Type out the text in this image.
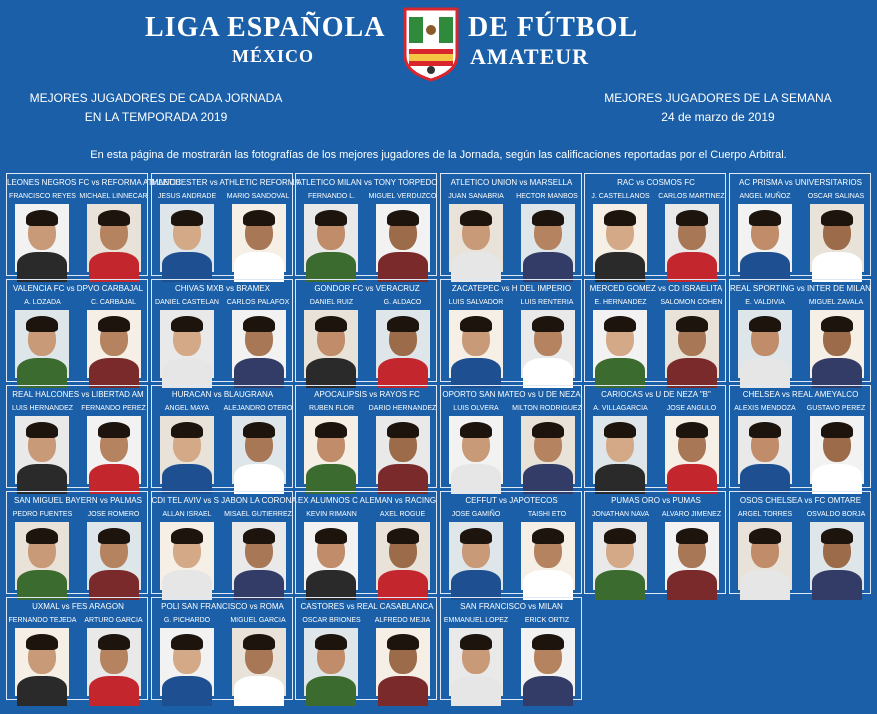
LIGA ESPAÑOLA
MÉXICO
DE FÚTBOL
AMATEUR
MEJORES JUGADORES DE CADA JORNADA
EN LA TEMPORADA 2019
MEJORES JUGADORES DE LA SEMANA
24 de marzo de 2019
En esta página de mostrarán las fotografías de los mejores jugadores de la Jornada, según las calificaciones reportadas por el Cuerpo Arbitral.
LEONES NEGROS FC vs REFORMA ATHLETIC
FRANCISCO REYES MICHAEL LINNECAR
MANCHESTER vs ATHLETIC REFORMA
JESUS ANDRADE	MARIO SANDOVAL
ATLETICO MILAN vs TONY TORPEDO
FERNANDO L.	MIGUEL VERDUZCO
ATLETICO UNION vs MARSELLA
JUAN SANABRIA	HECTOR MANBOS
RAC vs COSMOS FC
J. CASTELLANOS	CARLOS MARTINEZ
AC PRISMA vs UNIVERSITARIOS
ANGEL MUÑOZ	OSCAR SALINAS
VALENCIA FC vs DPVO CARBAJAL
A. LOZADA	C. CARBAJAL
CHIVAS MXB vs BRAMEX
DANIEL CASTELAN	CARLOS PALAFOX
GONDOR FC vs VERACRUZ
DANIEL RUIZ	G. ALDACO
ZACATEPEC vs H DEL IMPERIO
LUIS SALVADOR	LUIS RENTERIA
MERCED GOMEZ vs CD ISRAELITA
E. HERNANDEZ	SALOMON COHEN
REAL SPORTING vs INTER DE MILAN
E. VALDIVIA	MIGUEL ZAVALA
REAL HALCONES vs LIBERTAD AM
LUIS HERNANDEZ	FERNANDO PEREZ
HURACAN vs BLAUGRANA
ANGEL MAYA	ALEJANDRO OTERO
APOCALIPSIS vs RAYOS FC
RUBEN FLOR	DARIO HERNANDEZ
OPORTO SAN MATEO vs U DE NEZA
LUIS OLVERA	MILTON RODRIGUEZ
CARIOCAS vs U DE NEZA "B"
A. VILLAGARCIA	JOSE ANGULO
CHELSEA vs REAL AMEYALCO
ALEXIS MENDOZA	GUSTAVO PEREZ
SAN MIGUEL BAYERN vs PALMAS
PEDRO FUENTES	JOSE ROMERO
CDI TEL AVIV vs S JABON LA CORONA
ALLAN ISRAEL	MISAEL GUTIERREZ
EX ALUMNOS C ALEMAN vs RACING
KEVIN RIMANN	AXEL ROGUE
CEFFUT vs JAPOTECOS
JOSE GAMIÑO	TAISHI ETO
PUMAS ORO vs PUMAS
JONATHAN NAVA	ALVARO JIMENEZ
OSOS CHELSEA vs FC OMTARE
ARGEL TORRES	OSVALDO BORJA
UXMAL vs FES ARAGON
FERNANDO TEJEDA	ARTURO GARCIA
POLI SAN FRANCISCO vs ROMA
G. PICHARDO	MIGUEL GARCIA
CASTORES vs REAL CASABLANCA
OSCAR BRIONES	ALFREDO MEJIA
SAN FRANCISCO vs MILAN
EMMANUEL LOPEZ	ERICK ORTIZ
